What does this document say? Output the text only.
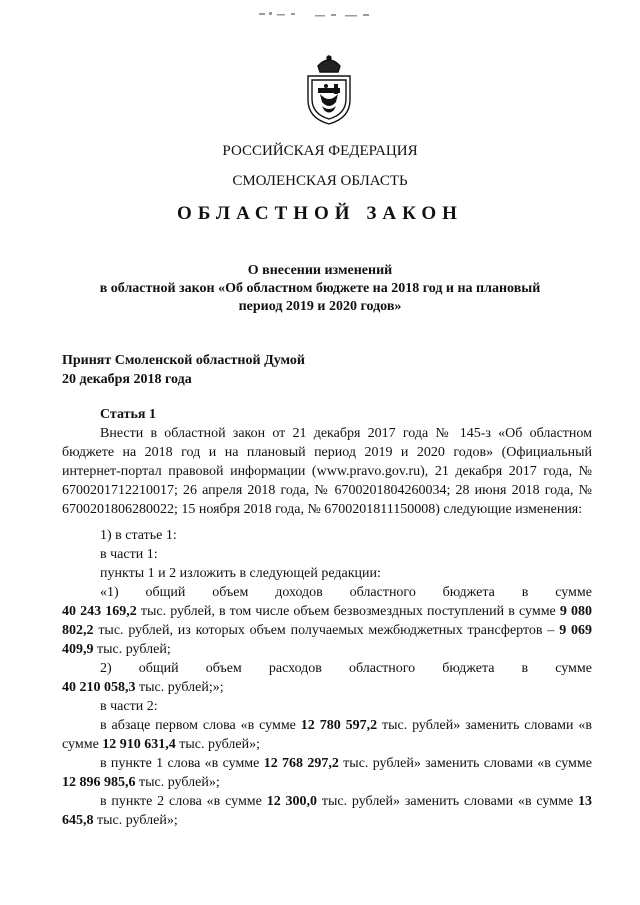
РОССИЙСКАЯ ФЕДЕРАЦИЯ
СМОЛЕНСКАЯ ОБЛАСТЬ
ОБЛАСТНОЙ ЗАКОН
О внесении изменений
в областной закон «Об областном бюджете на 2018 год и на плановый
период 2019 и 2020 годов»
Принят Смоленской областной Думой
20 декабря 2018 года
Статья 1
Внести в областной закон от 21 декабря 2017 года № 145-з «Об областном бюджете на 2018 год и на плановый период 2019 и 2020 годов» (Официальный интернет-портал правовой информации (www.pravo.gov.ru), 21 декабря 2017 года, № 6700201712210017; 26 апреля 2018 года, № 6700201804260034; 28 июня 2018 года, № 6700201806280022; 15 ноября 2018 года, № 6700201811150008) следующие изменения:
1) в статье 1:
в части 1:
пункты 1 и 2 изложить в следующей редакции:
«1) общий объем доходов областного бюджета в сумме
40 243 169,2 тыс. рублей, в том числе объем безвозмездных поступлений в сумме 9 080 802,2 тыс. рублей, из которых объем получаемых межбюджетных трансфертов – 9 069 409,9 тыс. рублей;
2) общий объем расходов областного бюджета в сумме
40 210 058,3 тыс. рублей;»;
в части 2:
в абзаце первом слова «в сумме 12 780 597,2 тыс. рублей» заменить словами «в сумме 12 910 631,4 тыс. рублей»;
в пункте 1 слова «в сумме 12 768 297,2 тыс. рублей» заменить словами «в сумме 12 896 985,6 тыс. рублей»;
в пункте 2 слова «в сумме 12 300,0 тыс. рублей» заменить словами «в сумме 13 645,8 тыс. рублей»;
